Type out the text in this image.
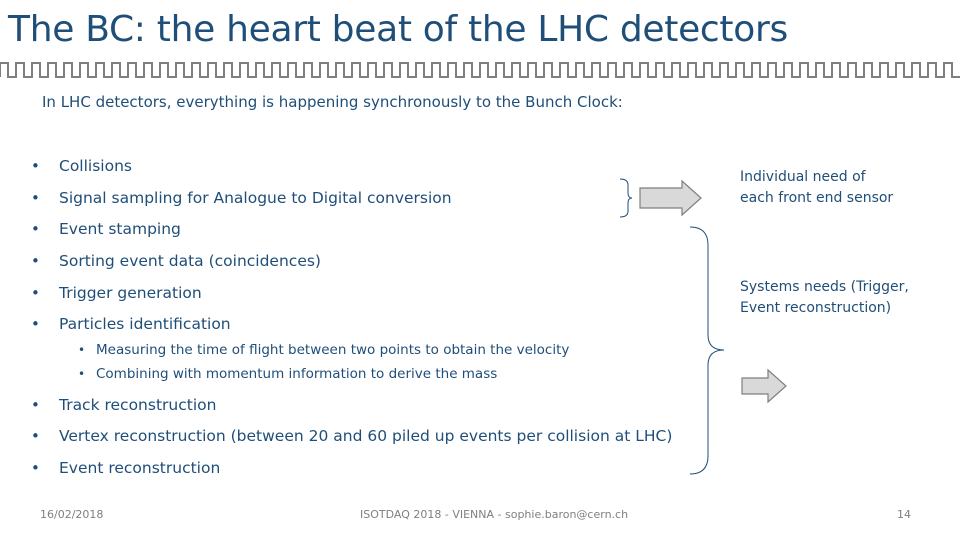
The BC: the heart beat of the LHC detectors
In LHC detectors, everything is happening synchronously to the Bunch Clock:
• Collisions
• Signal sampling for Analogue to Digital conversion
• Event stamping
• Sorting event data (coincidences)
• Trigger generation
• Particles identification
• Measuring the time of flight between two points to obtain the velocity
• Combining with momentum information to derive the mass
• Track reconstruction
• Vertex reconstruction (between 20 and 60 piled up events per collision at LHC)
• Event reconstruction
Individual need of
each front end sensor
Systems needs (Trigger,
Event reconstruction)
16/02/2018	ISOTDAQ 2018 - VIENNA - sophie.baron@cern.ch	14
